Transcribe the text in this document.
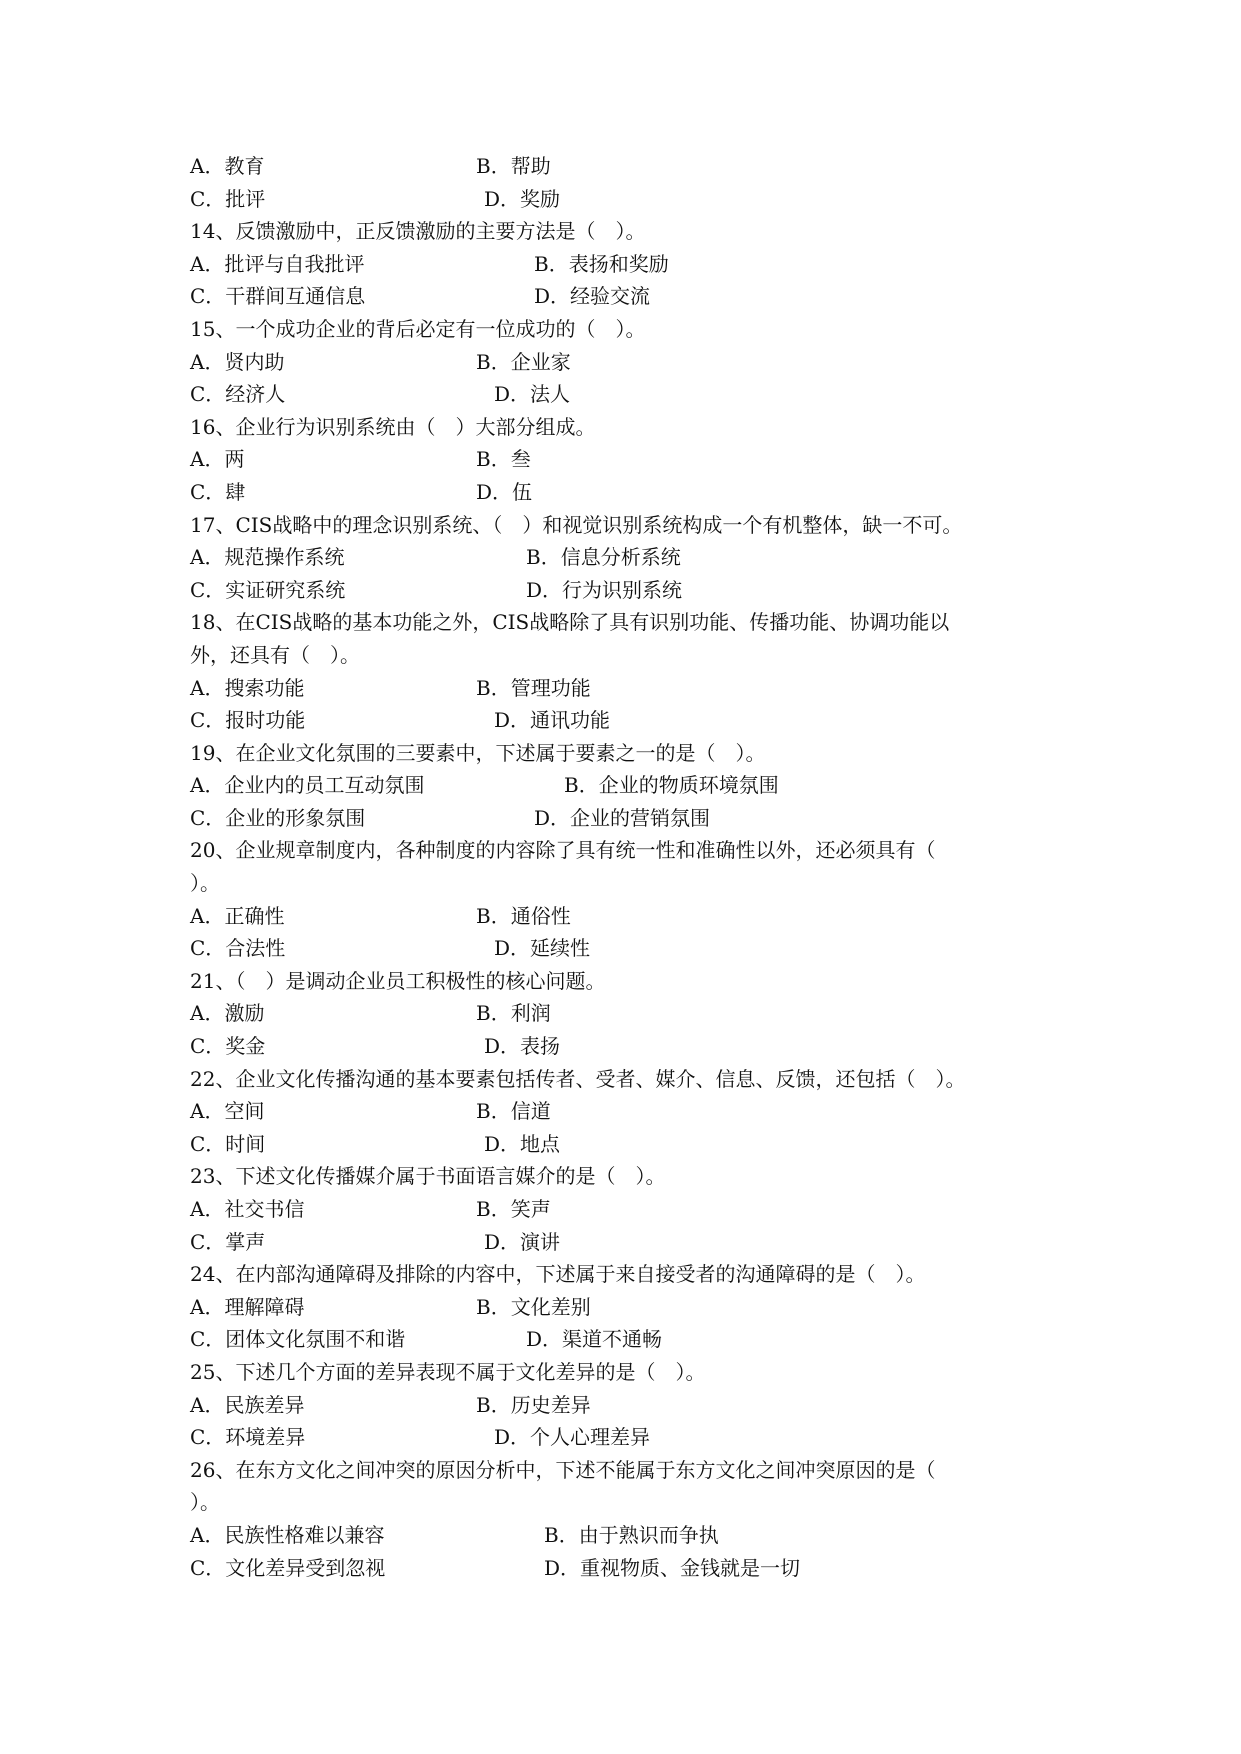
A．教育	B．帮助
C．批评	D．奖励
14、反馈激励中，正反馈激励的主要方法是（　）。
A．批评与自我批评	B．表扬和奖励
C．干群间互通信息	D．经验交流
15、一个成功企业的背后必定有一位成功的（　）。
A．贤内助	B．企业家
C．经济人	D．法人
16、企业行为识别系统由（　）大部分组成。
A．两	B．叁
C．肆	D．伍
17、CIS战略中的理念识别系统、（　）和视觉识别系统构成一个有机整体，缺一不可。
A．规范操作系统	B．信息分析系统
C．实证研究系统	D．行为识别系统
18、在CIS战略的基本功能之外，CIS战略除了具有识别功能、传播功能、协调功能以
外，还具有（　）。
A．搜索功能	B．管理功能
C．报时功能	D．通讯功能
19、在企业文化氛围的三要素中，下述属于要素之一的是（　）。
A．企业内的员工互动氛围	B．企业的物质环境氛围
C．企业的形象氛围	D．企业的营销氛围
20、企业规章制度内，各种制度的内容除了具有统一性和准确性以外，还必须具有（
）。
A．正确性	B．通俗性
C．合法性	D．延续性
21、（　）是调动企业员工积极性的核心问题。
A．激励	B．利润
C．奖金	D．表扬
22、企业文化传播沟通的基本要素包括传者、受者、媒介、信息、反馈，还包括（　）。
A．空间	B．信道
C．时间	D．地点
23、下述文化传播媒介属于书面语言媒介的是（　）。
A．社交书信	B．笑声
C．掌声	D．演讲
24、在内部沟通障碍及排除的内容中，下述属于来自接受者的沟通障碍的是（　）。
A．理解障碍	B．文化差别
C．团体文化氛围不和谐	D．渠道不通畅
25、下述几个方面的差异表现不属于文化差异的是（　）。
A．民族差异	B．历史差异
C．环境差异	D．个人心理差异
26、在东方文化之间冲突的原因分析中，下述不能属于东方文化之间冲突原因的是（
）。
A．民族性格难以兼容	B．由于熟识而争执
C．文化差异受到忽视	D．重视物质、金钱就是一切
